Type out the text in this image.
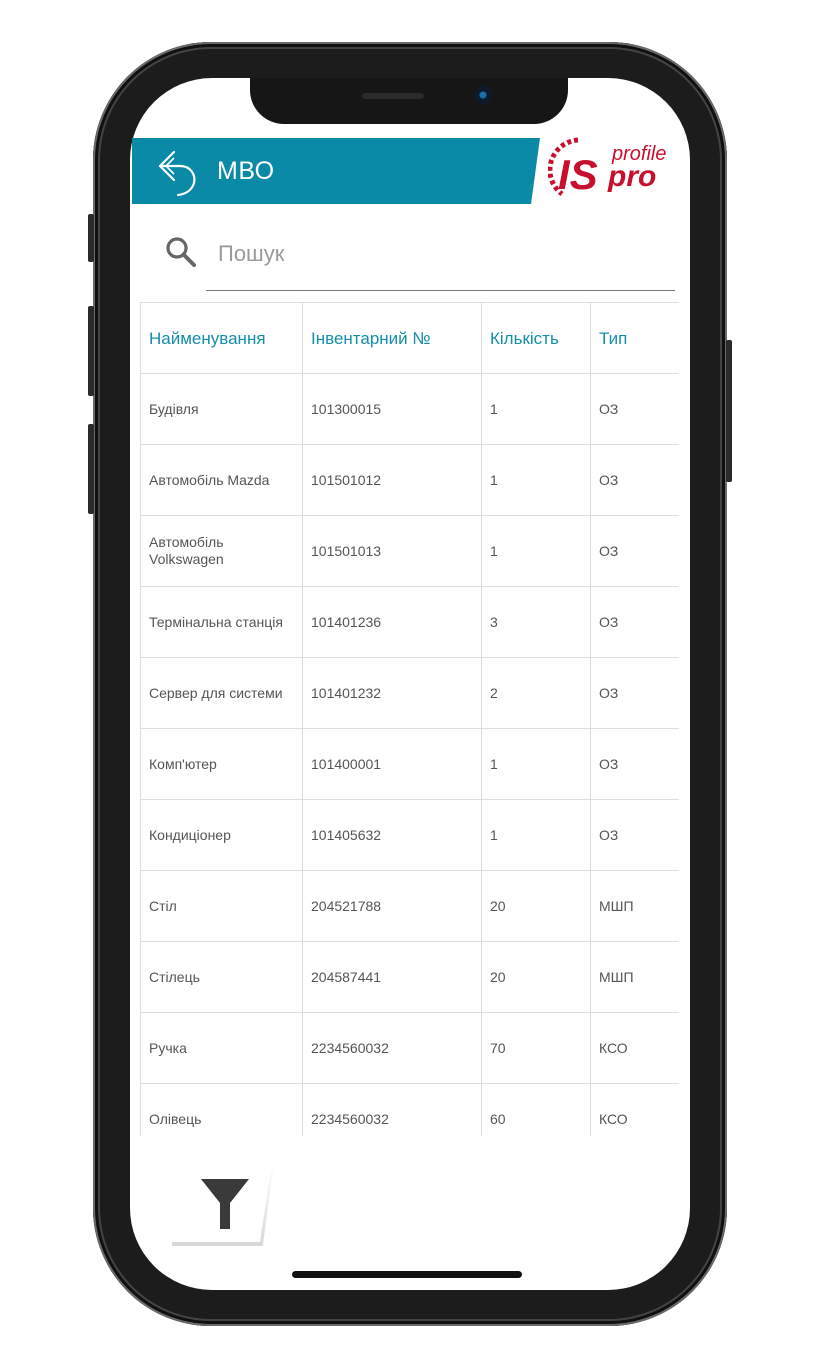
МВО	IS profile
pro
Пошук
Найменування	Інвентарний №	Кількість	Тип
Будівля	101300015	1	ОЗ
Автомобіль Mazda	101501012	1	ОЗ
Автомобіль Volkswagen	101501013	1	ОЗ
Термінальна станція	101401236	3	ОЗ
Сервер для системи	101401232	2	ОЗ
Комп'ютер	101400001	1	ОЗ
Кондиціонер	101405632	1	ОЗ
Стіл	204521788	20	МШП
Стілець	204587441	20	МШП
Ручка	2234560032	70	КСО
Олівець	2234560032	60	КСО
